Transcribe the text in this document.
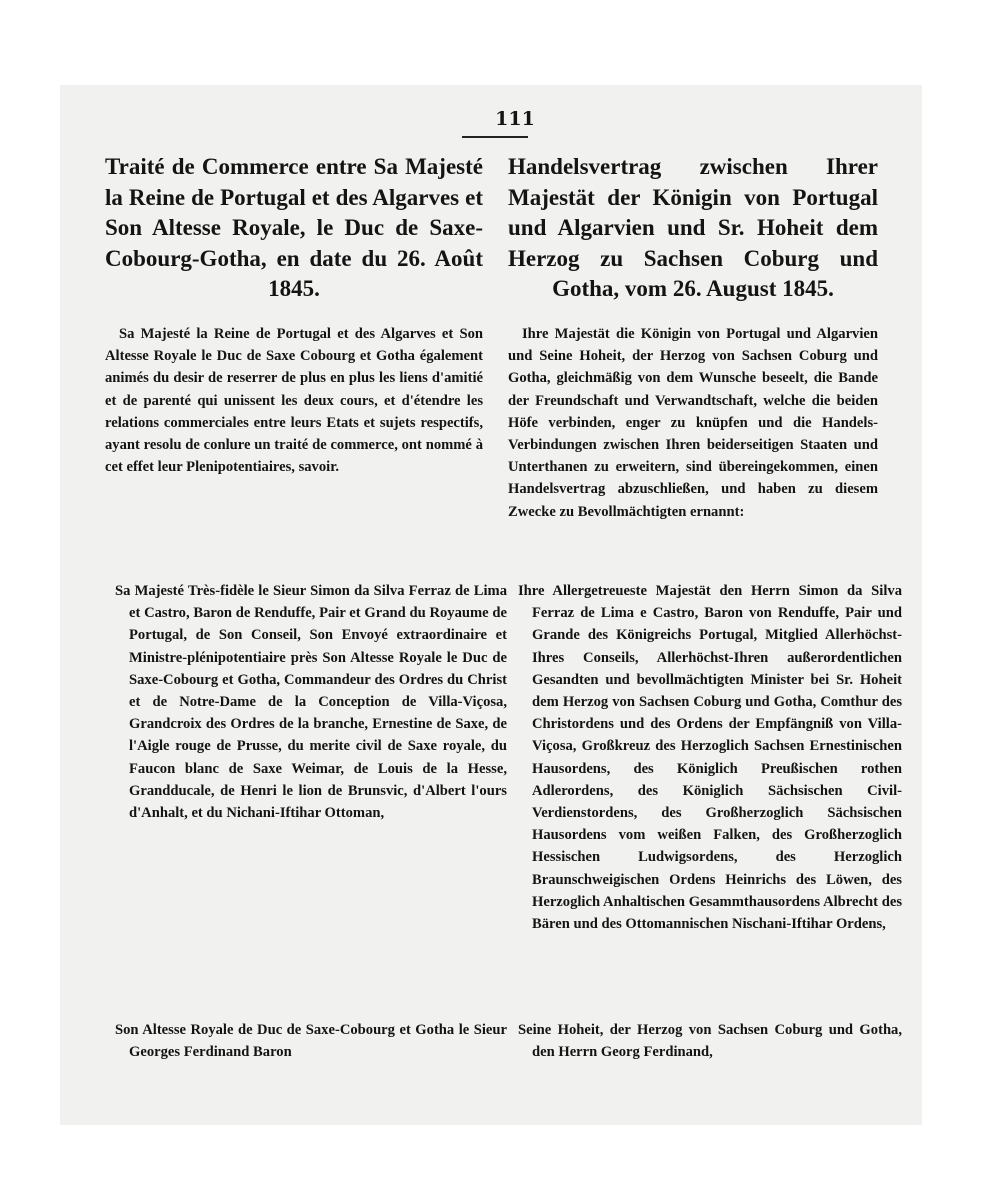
111
Traité de Commerce entre Sa Majesté la Reine de Portugal et des Algarves et Son Altesse Royale, le Duc de Saxe-Cobourg-Gotha, en date du 26. Août 1845.
Sa Majesté la Reine de Portugal et des Algarves et Son Altesse Royale le Duc de Saxe Cobourg et Gotha également animés du desir de reserrer de plus en plus les liens d'amitié et de parenté qui unissent les deux cours, et d'étendre les relations commerciales entre leurs Etats et sujets respectifs, ayant resolu de conlure un traité de commerce, ont nommé à cet effet leur Plenipotentiaires, savoir.
Sa Majesté Très-fidèle le Sieur Simon da Silva Ferraz de Lima et Castro, Baron de Renduffe, Pair et Grand du Royaume de Portugal, de Son Conseil, Son Envoyé extraordinaire et Ministre-plénipotentiaire près Son Altesse Royale le Duc de Saxe-Cobourg et Gotha, Commandeur des Ordres du Christ et de Notre-Dame de la Conception de Villa-Viçosa, Grandcroix des Ordres de la branche, Ernestine de Saxe, de l'Aigle rouge de Prusse, du merite civil de Saxe royale, du Faucon blanc de Saxe Weimar, de Louis de la Hesse, Grandducale, de Henri le lion de Brunsvic, d'Albert l'ours d'Anhalt, et du Nichani-Iftihar Ottoman,
Son Altesse Royale de Duc de Saxe-Cobourg et Gotha le Sieur Georges Ferdinand Baron
Handelsvertrag zwischen Ihrer Majestät der Königin von Portugal und Algarvien und Sr. Hoheit dem Herzog zu Sachsen Coburg und Gotha, vom 26. August 1845.
Ihre Majestät die Königin von Portugal und Algarvien und Seine Hoheit, der Herzog von Sachsen Coburg und Gotha, gleichmäßig von dem Wunsche beseelt, die Bande der Freundschaft und Verwandtschaft, welche die beiden Höfe verbinden, enger zu knüpfen und die Handels-Verbindungen zwischen Ihren beiderseitigen Staaten und Unterthanen zu erweitern, sind übereingekommen, einen Handelsvertrag abzuschließen, und haben zu diesem Zwecke zu Bevollmächtigten ernannt:
Ihre Allergetreueste Majestät den Herrn Simon da Silva Ferraz de Lima e Castro, Baron von Renduffe, Pair und Grande des Königreichs Portugal, Mitglied Allerhöchst-Ihres Conseils, Allerhöchst-Ihren außerordentlichen Gesandten und bevollmächtigten Minister bei Sr. Hoheit dem Herzog von Sachsen Coburg und Gotha, Comthur des Christordens und des Ordens der Empfängniß von Villa-Viçosa, Großkreuz des Herzoglich Sachsen Ernestinischen Hausordens, des Königlich Preußischen rothen Adlerordens, des Königlich Sächsischen Civil-Verdienstordens, des Großherzoglich Sächsischen Hausordens vom weißen Falken, des Großherzoglich Hessischen Ludwigsordens, des Herzoglich Braunschweigischen Ordens Heinrichs des Löwen, des Herzoglich Anhaltischen Gesammthausordens Albrecht des Bären und des Ottomannischen Nischani-Iftihar Ordens,
Seine Hoheit, der Herzog von Sachsen Coburg und Gotha, den Herrn Georg Ferdinand,
